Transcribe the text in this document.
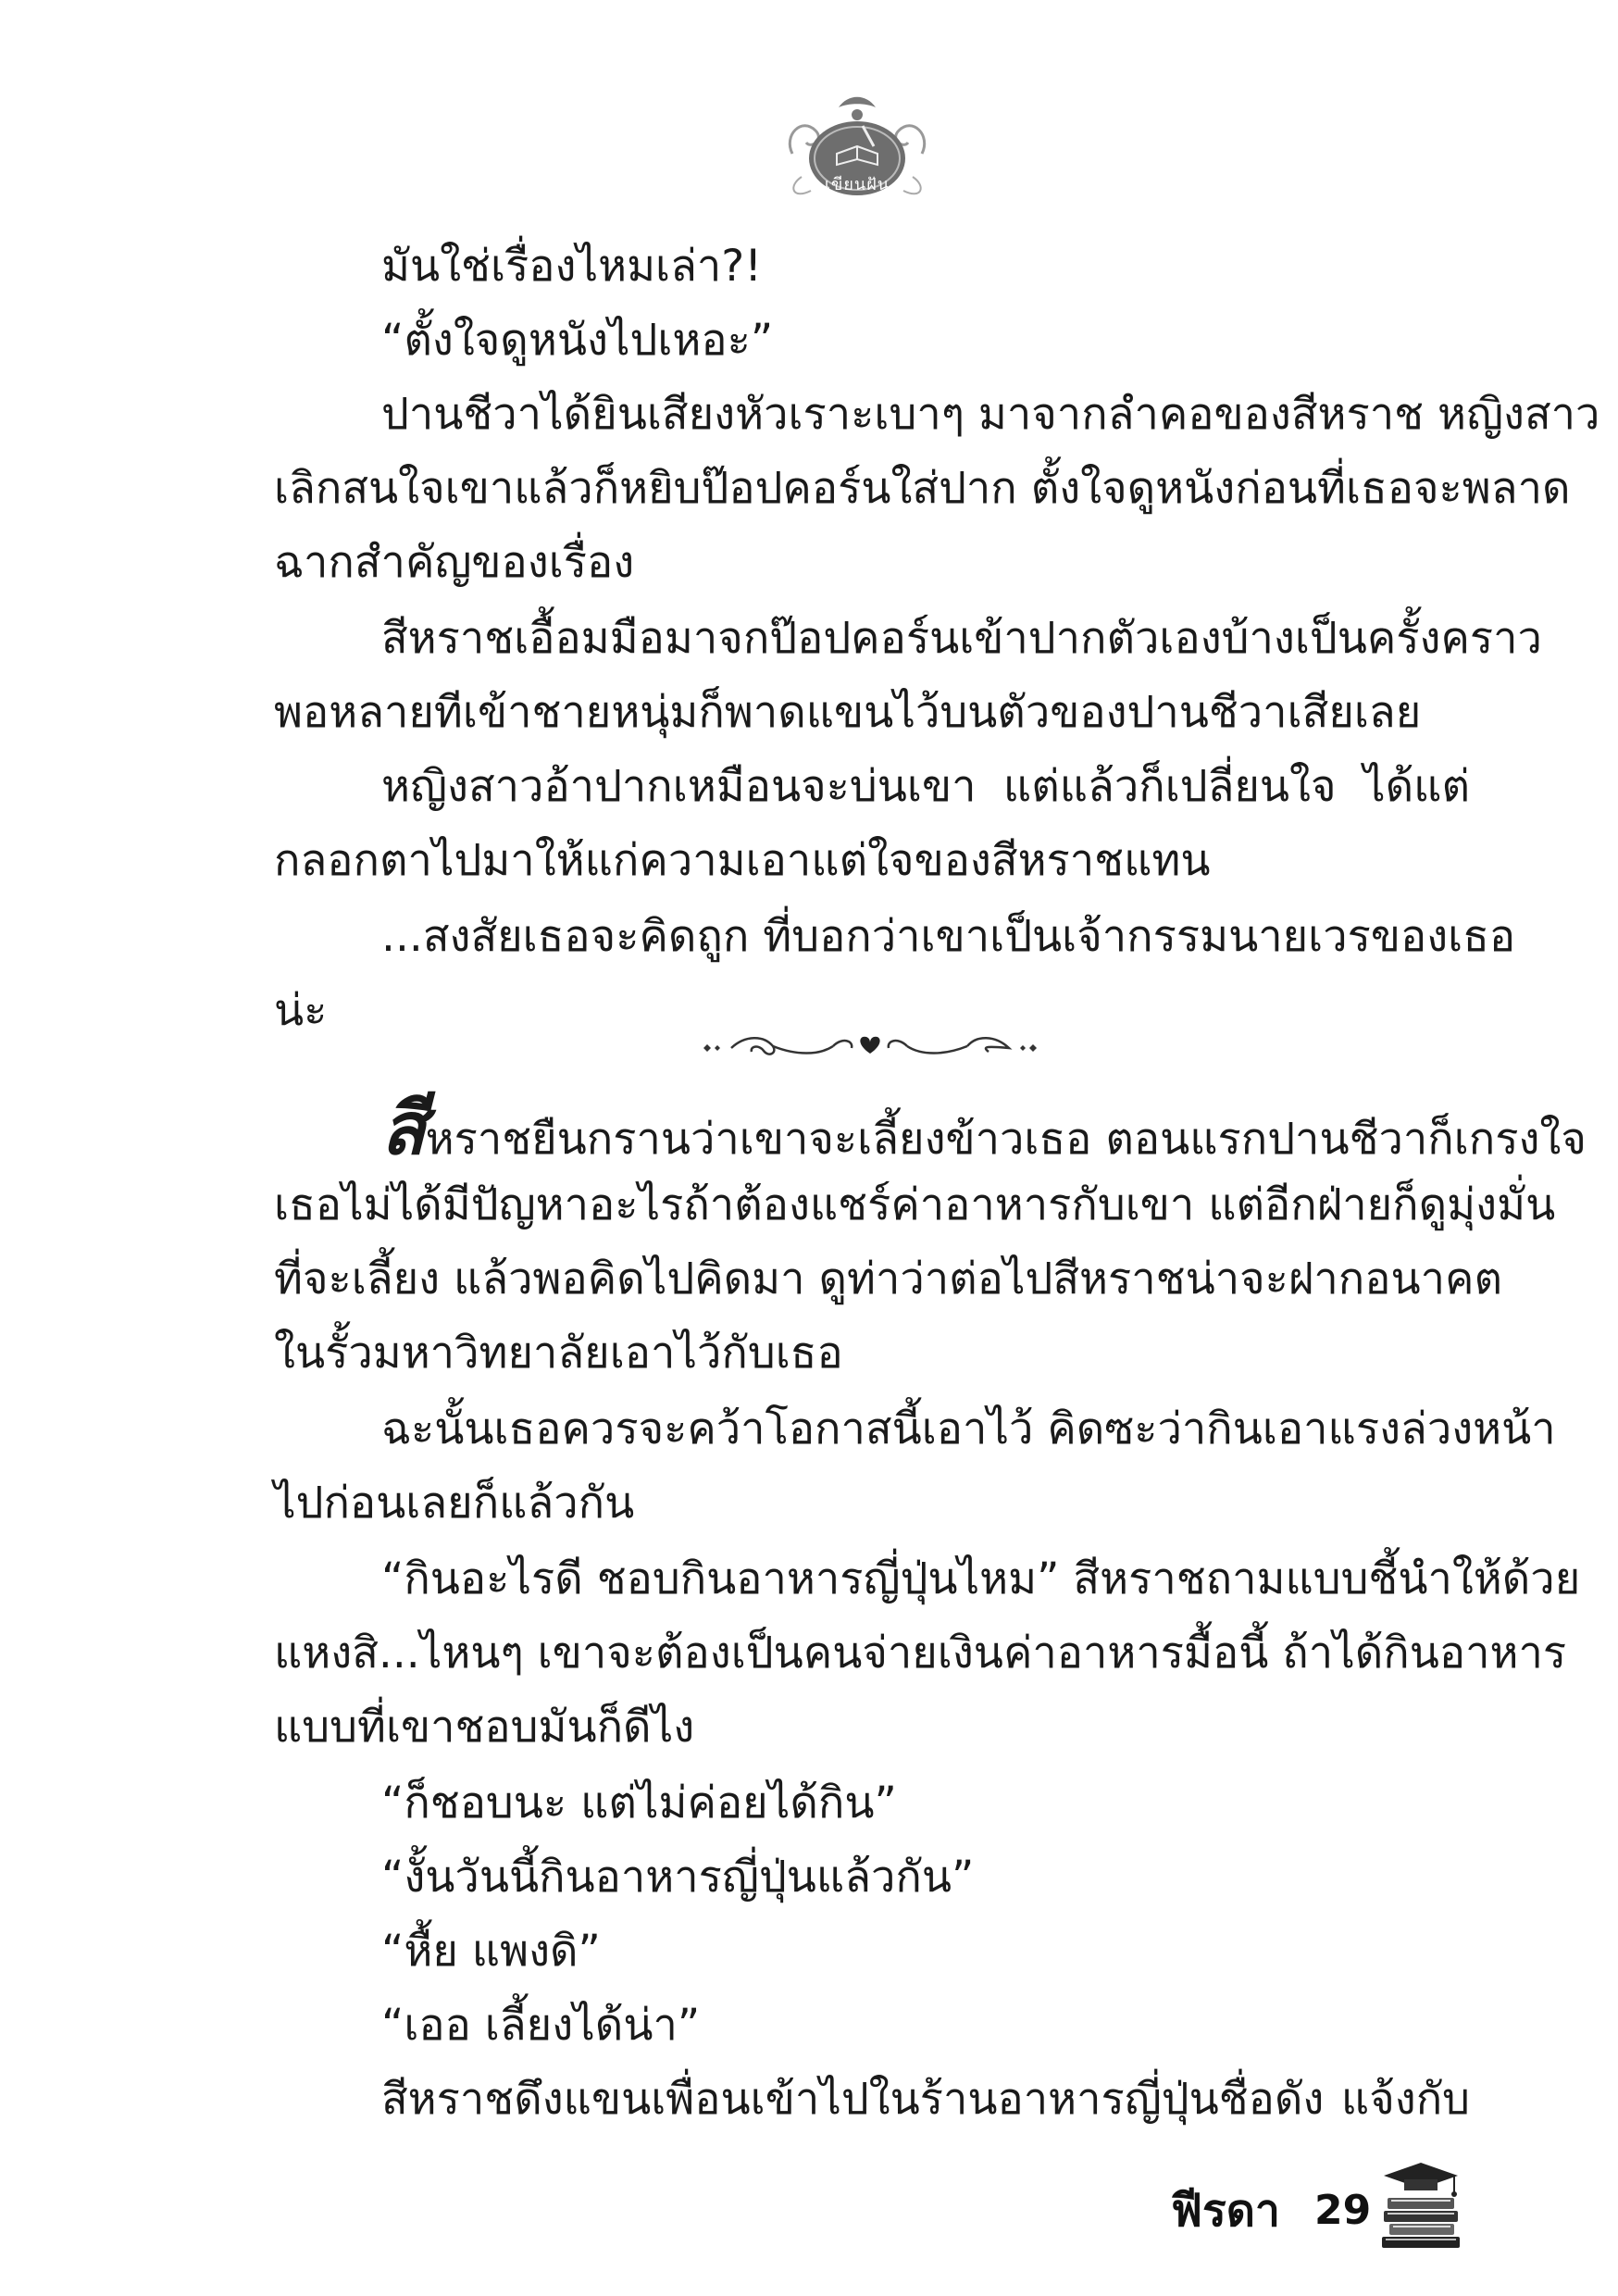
เขียนฝัน
มันใช่เรื่องไหมเล่า?!
“ตั้งใจดูหนังไปเหอะ”
ปานชีวาได้ยินเสียงหัวเราะเบาๆ มาจากลำคอของสีหราช หญิงสาว
เลิกสนใจเขาแล้วก็หยิบป๊อปคอร์นใส่ปาก ตั้งใจดูหนังก่อนที่เธอจะพลาด
ฉากสำคัญของเรื่อง
สีหราชเอื้อมมือมาจกป๊อปคอร์นเข้าปากตัวเองบ้างเป็นครั้งคราว
พอหลายทีเข้าชายหนุ่มก็พาดแขนไว้บนตัวของปานชีวาเสียเลย
หญิงสาวอ้าปากเหมือนจะบ่นเขา แต่แล้วก็เปลี่ยนใจ ได้แต่
กลอกตาไปมาให้แก่ความเอาแต่ใจของสีหราชแทน
...สงสัยเธอจะคิดถูก ที่บอกว่าเขาเป็นเจ้ากรรมนายเวรของเธอ
น่ะ
สีหราชยืนกรานว่าเขาจะเลี้ยงข้าวเธอ ตอนแรกปานชีวาก็เกรงใจ
เธอไม่ได้มีปัญหาอะไรถ้าต้องแชร์ค่าอาหารกับเขา แต่อีกฝ่ายก็ดูมุ่งมั่น
ที่จะเลี้ยง แล้วพอคิดไปคิดมา ดูท่าว่าต่อไปสีหราชน่าจะฝากอนาคต
ในรั้วมหาวิทยาลัยเอาไว้กับเธอ
ฉะนั้นเธอควรจะคว้าโอกาสนี้เอาไว้ คิดซะว่ากินเอาแรงล่วงหน้า
ไปก่อนเลยก็แล้วกัน
“กินอะไรดี ชอบกินอาหารญี่ปุ่นไหม” สีหราชถามแบบชี้นำให้ด้วย
แหงสิ...ไหนๆ เขาจะต้องเป็นคนจ่ายเงินค่าอาหารมื้อนี้ ถ้าได้กินอาหาร
แบบที่เขาชอบมันก็ดีไง
“ก็ชอบนะ แต่ไม่ค่อยได้กิน”
“งั้นวันนี้กินอาหารญี่ปุ่นแล้วกัน”
“หื้ย แพงดิ”
“เออ เลี้ยงได้น่า”
สีหราชดึงแขนเพื่อนเข้าไปในร้านอาหารญี่ปุ่นชื่อดัง แจ้งกับ
ฟีรดา 29
